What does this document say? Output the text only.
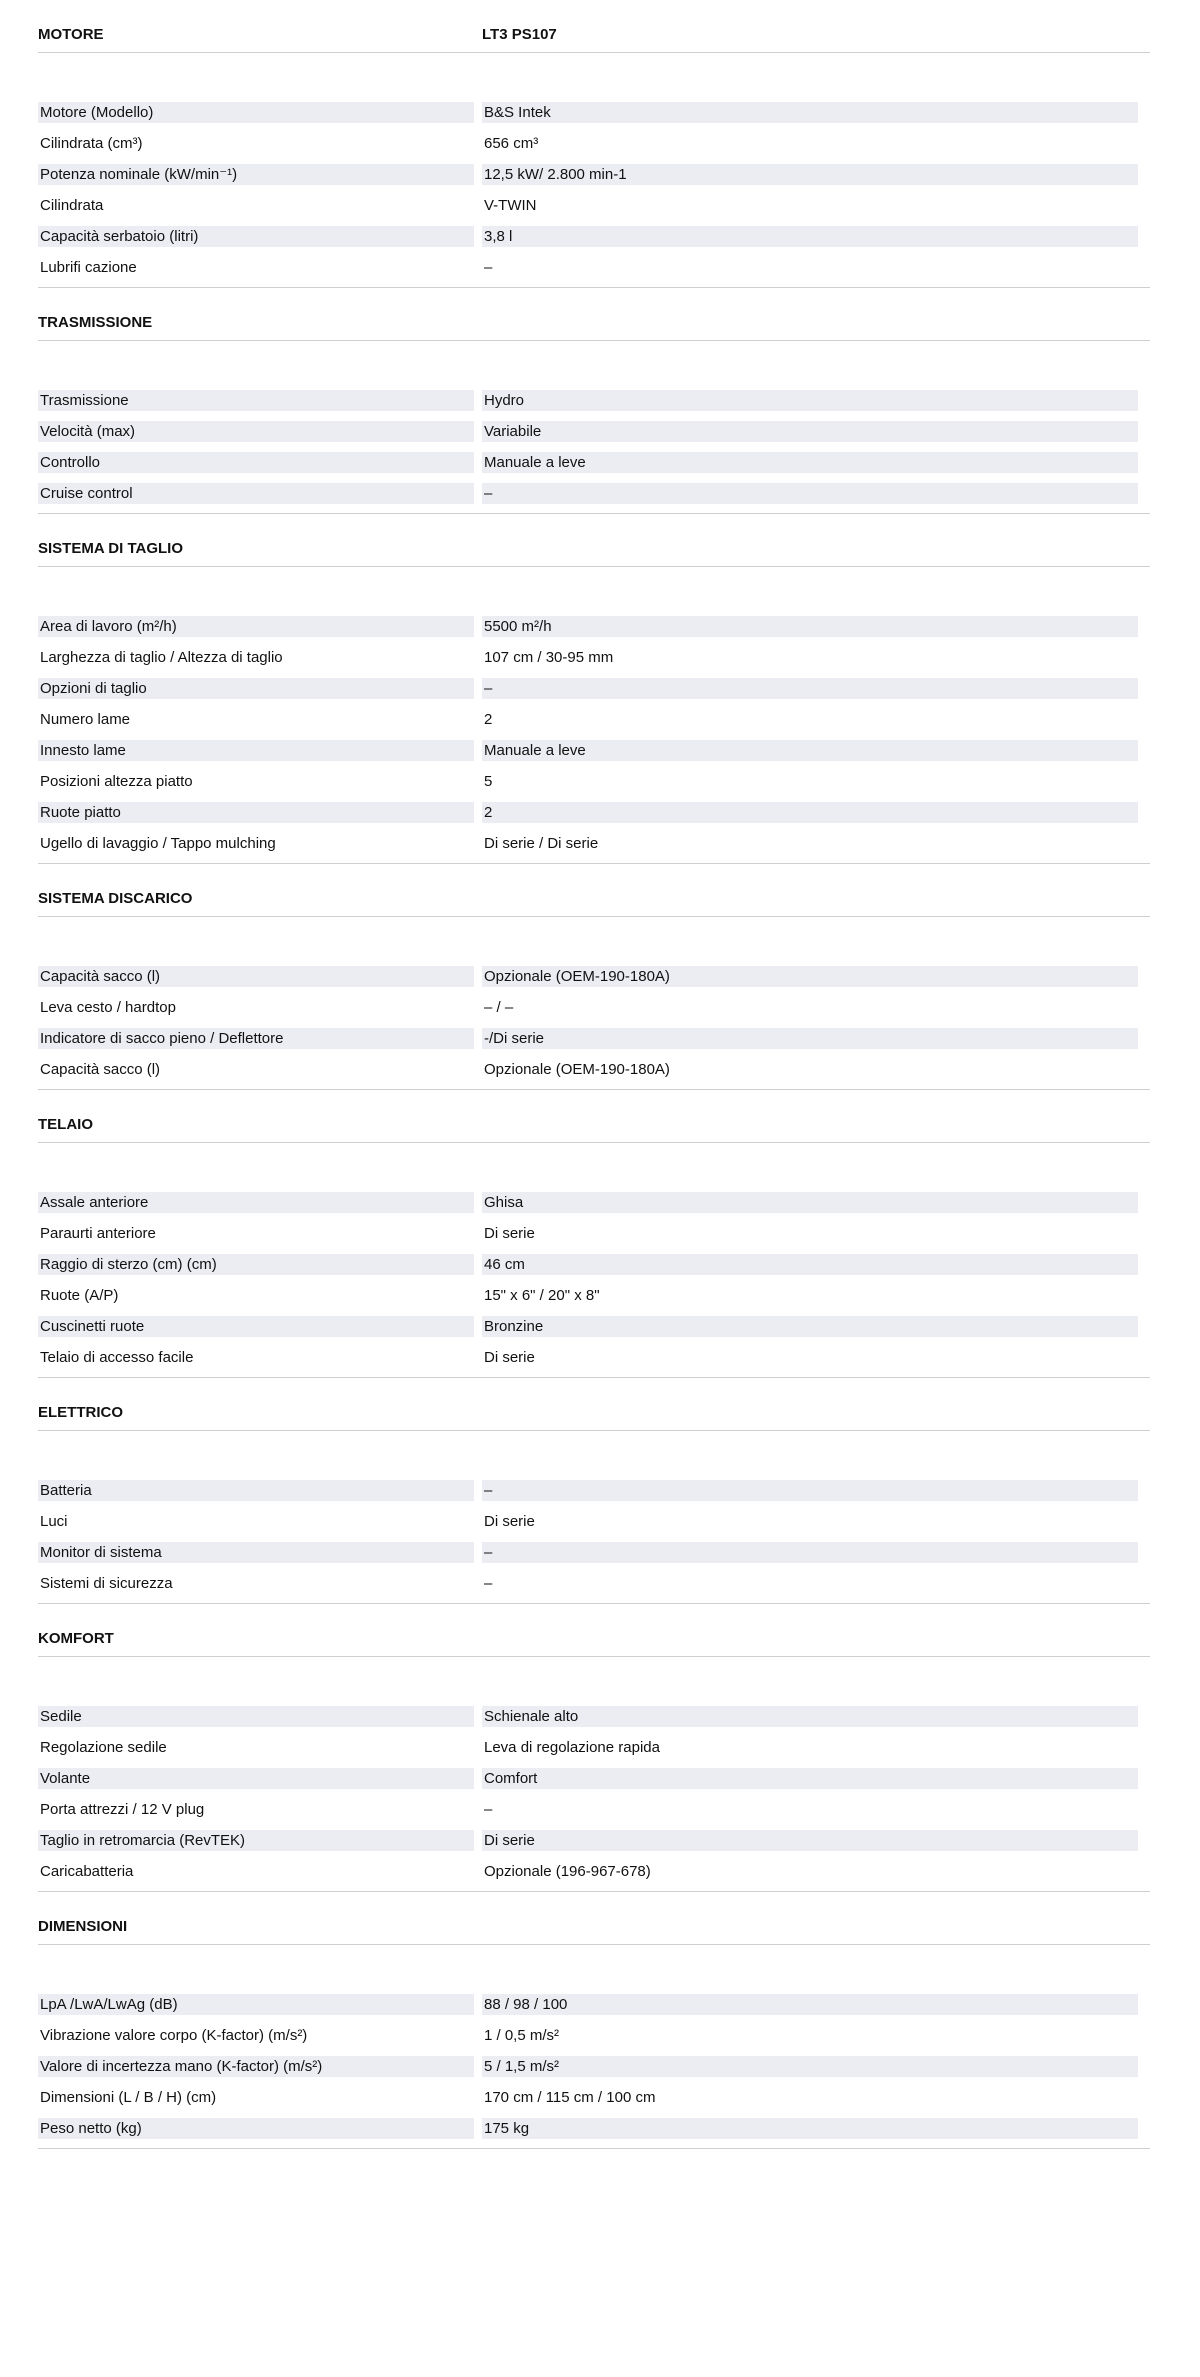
MOTORE	LT3 PS107
Motore (Modello)	B&S Intek
Cilindrata (cm³)	656 cm³
Potenza nominale (kW/min⁻¹)	12,5 kW/ 2.800 min-1
Cilindrata	V-TWIN
Capacità serbatoio (litri)	3,8 l
Lubrifi cazione	–
TRASMISSIONE
Trasmissione	Hydro
Velocità (max)	Variabile
Controllo	Manuale a leve
Cruise control	–
SISTEMA DI TAGLIO
Area di lavoro (m²/h)	5500 m²/h
Larghezza di taglio / Altezza di taglio	107 cm / 30-95 mm
Opzioni di taglio	–
Numero lame	2
Innesto lame	Manuale a leve
Posizioni altezza piatto	5
Ruote piatto	2
Ugello di lavaggio / Tappo mulching	Di serie / Di serie
SISTEMA DISCARICO
Capacità sacco (l)	Opzionale (OEM-190-180A)
Leva cesto / hardtop	– / –
Indicatore di sacco pieno / Deflettore	-/Di serie
Capacità sacco (l)	Opzionale (OEM-190-180A)
TELAIO
Assale anteriore	Ghisa
Paraurti anteriore	Di serie
Raggio di sterzo (cm) (cm)	46 cm
Ruote (A/P)	15" x 6" / 20" x 8"
Cuscinetti ruote	Bronzine
Telaio di accesso facile	Di serie
ELETTRICO
Batteria	–
Luci	Di serie
Monitor di sistema	–
Sistemi di sicurezza	–
KOMFORT
Sedile	Schienale alto
Regolazione sedile	Leva di regolazione rapida
Volante	Comfort
Porta attrezzi / 12 V plug	–
Taglio in retromarcia (RevTEK)	Di serie
Caricabatteria	Opzionale (196-967-678)
DIMENSIONI
LpA /LwA/LwAg (dB)	88 / 98 / 100
Vibrazione valore corpo (K-factor) (m/s²)	1 / 0,5 m/s²
Valore di incertezza mano (K-factor) (m/s²)	5 / 1,5 m/s²
Dimensioni (L / B / H) (cm)	170 cm / 115 cm / 100 cm
Peso netto (kg)	175 kg
